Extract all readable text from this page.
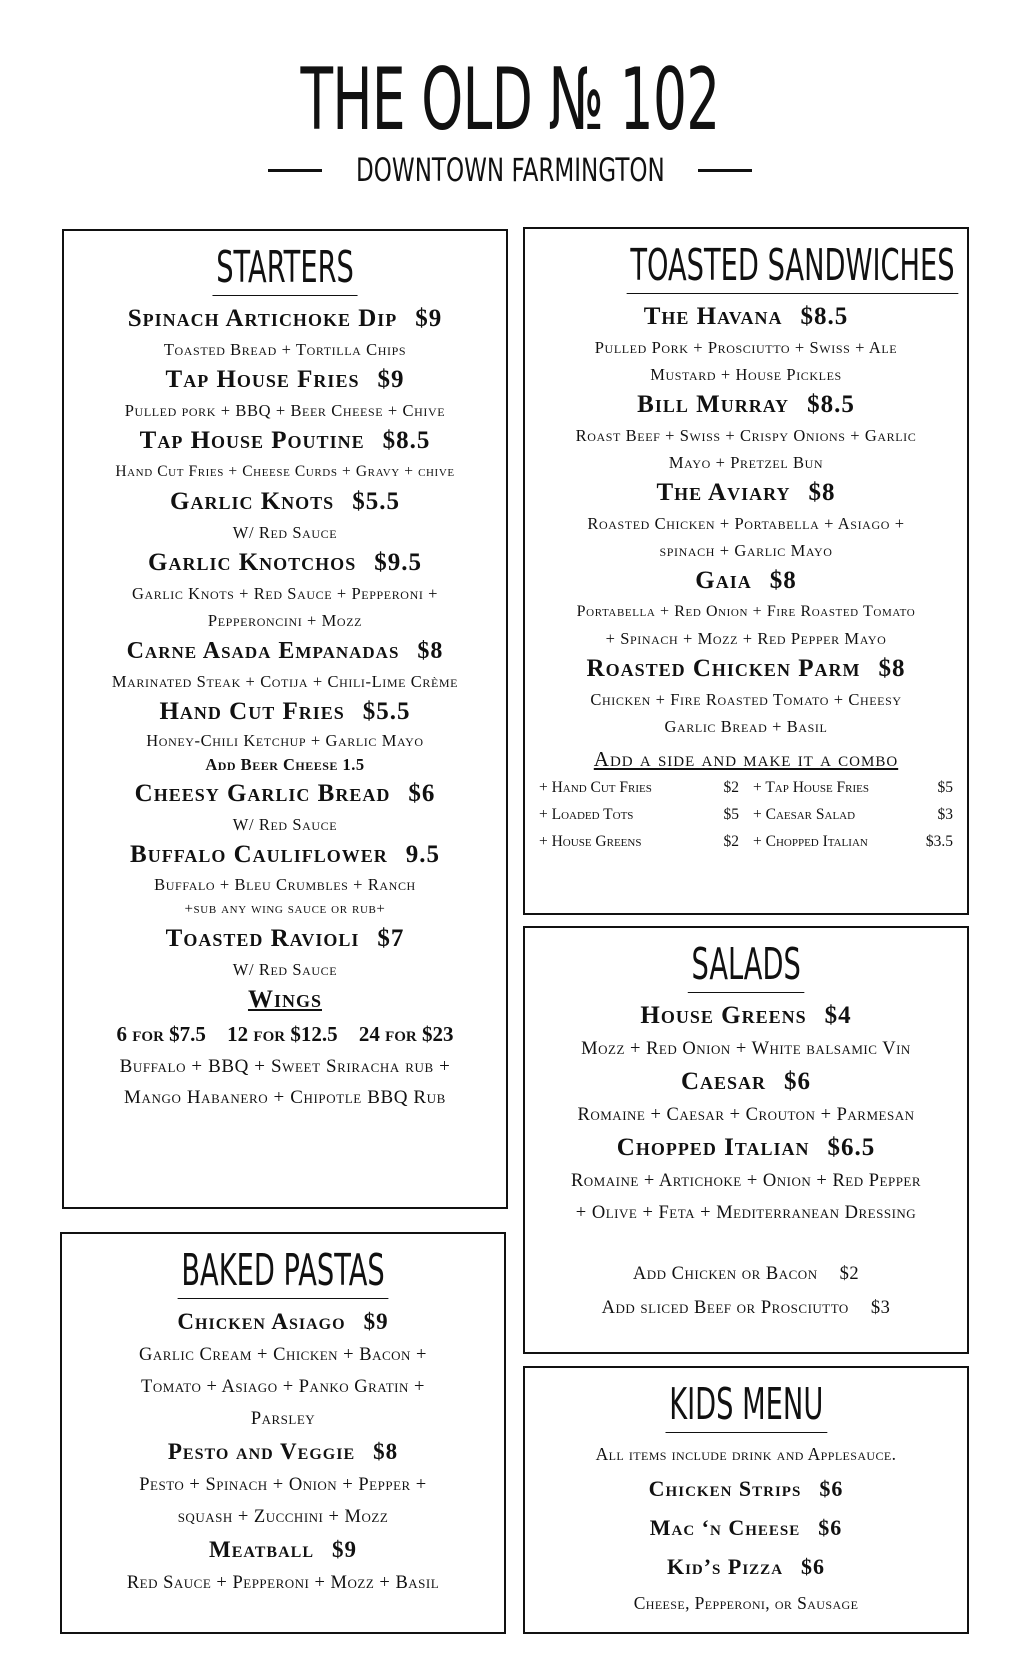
THE OLD № 102
DOWNTOWN FARMINGTON
STARTERS
Spinach Artichoke Dip $9
Toasted Bread + Tortilla Chips
Tap House Fries $9
Pulled pork + BBQ + Beer Cheese + Chive
Tap House Poutine $8.5
Hand Cut Fries + Cheese Curds + Gravy + chive
Garlic Knots $5.5
W/ Red Sauce
Garlic Knotchos $9.5
Garlic Knots + Red Sauce + Pepperoni +
Pepperoncini + Mozz
Carne Asada Empanadas $8
Marinated Steak + Cotija + Chili-Lime Crème
Hand Cut Fries $5.5
Honey-Chili Ketchup + Garlic Mayo
Add Beer Cheese 1.5
Cheesy Garlic Bread $6
W/ Red Sauce
Buffalo Cauliflower 9.5
Buffalo + Bleu Crumbles + Ranch
+sub any wing sauce or rub+
Toasted Ravioli $7
W/ Red Sauce
Wings
6 for $7.5 12 for $12.5 24 for $23
Buffalo + BBQ + Sweet Sriracha rub +
Mango Habanero + Chipotle BBQ Rub
TOASTED SANDWICHES
The Havana $8.5
Pulled Pork + Prosciutto + Swiss + Ale
Mustard + House Pickles
Bill Murray $8.5
Roast Beef + Swiss + Crispy Onions + Garlic
Mayo + Pretzel Bun
The Aviary $8
Roasted Chicken + Portabella + Asiago +
spinach + Garlic Mayo
Gaia $8
Portabella + Red Onion + Fire Roasted Tomato
+ Spinach + Mozz + Red Pepper Mayo
Roasted Chicken Parm $8
Chicken + Fire Roasted Tomato + Cheesy
Garlic Bread + Basil
Add a side and make it a combo
+ Hand Cut Fries	$2 + Tap House Fries	$5
+ Loaded Tots	$5 + Caesar Salad	$3
+ House Greens	$2 + Chopped Italian	$3.5
SALADS
House Greens $4
Mozz + Red Onion + White balsamic Vin
Caesar $6
Romaine + Caesar + Crouton + Parmesan
Chopped Italian $6.5
Romaine + Artichoke + Onion + Red Pepper
+ Olive + Feta + Mediterranean Dressing
Add Chicken or Bacon $2
Add sliced Beef or Prosciutto $3
BAKED PASTAS
Chicken Asiago $9
Garlic Cream + Chicken + Bacon +
Tomato + Asiago + Panko Gratin +
Parsley
Pesto and Veggie $8
Pesto + Spinach + Onion + Pepper +
squash + Zucchini + Mozz
Meatball $9
Red Sauce + Pepperoni + Mozz + Basil
KIDS MENU
All items include drink and Applesauce.
Chicken Strips $6
Mac ‘n Cheese $6
Kid’s Pizza $6
Cheese, Pepperoni, or Sausage
